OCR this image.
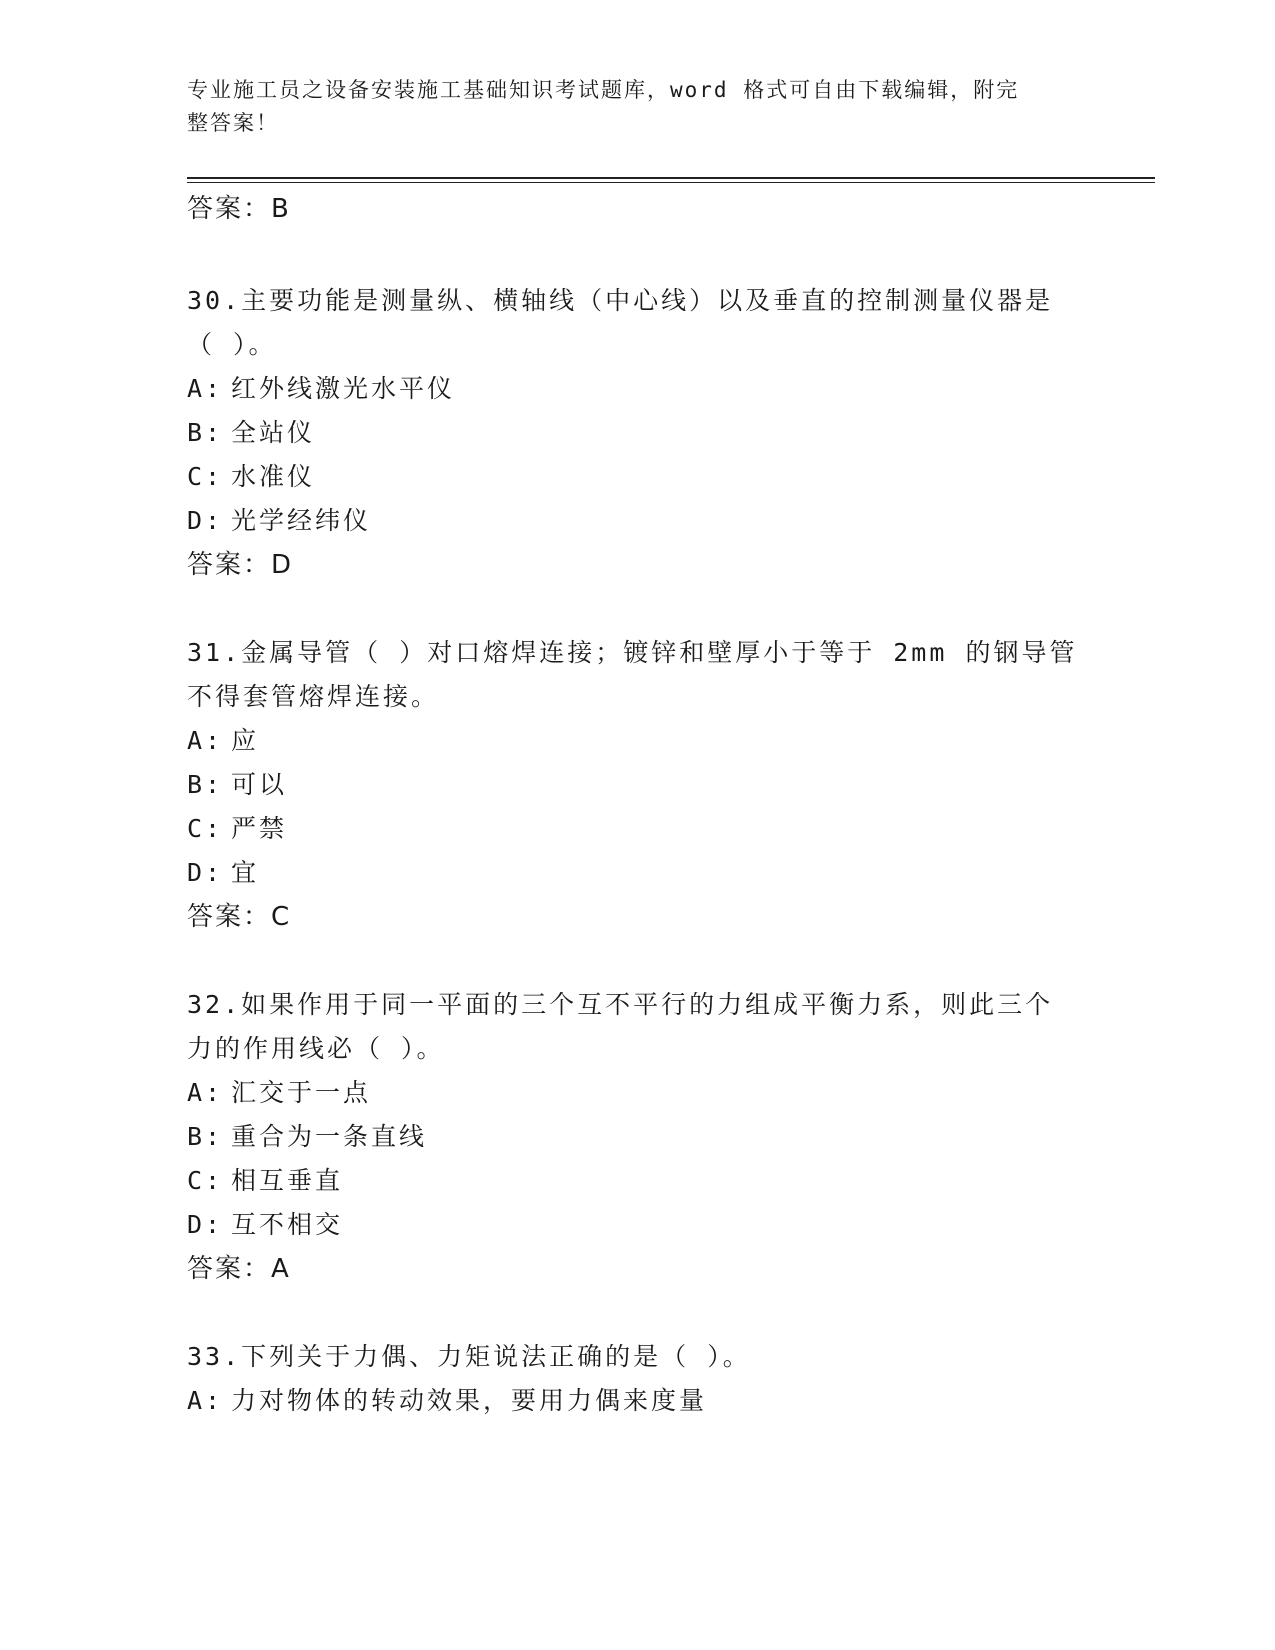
专业施工员之设备安装施工基础知识考试题库，word 格式可自由下载编辑，附完
整答案！
答案：B
30.主要功能是测量纵、横轴线（中心线）以及垂直的控制测量仪器是
（ ）。
A: 红外线激光水平仪
B: 全站仪
C: 水准仪
D: 光学经纬仪
答案：D
31.金属导管（ ）对口熔焊连接；镀锌和壁厚小于等于 2mm 的钢导管
不得套管熔焊连接。
A: 应
B: 可以
C: 严禁
D: 宜
答案：C
32.如果作用于同一平面的三个互不平行的力组成平衡力系，则此三个
力的作用线必（ ）。
A: 汇交于一点
B: 重合为一条直线
C: 相互垂直
D: 互不相交
答案：A
33.下列关于力偶、力矩说法正确的是（ ）。
A: 力对物体的转动效果，要用力偶来度量
